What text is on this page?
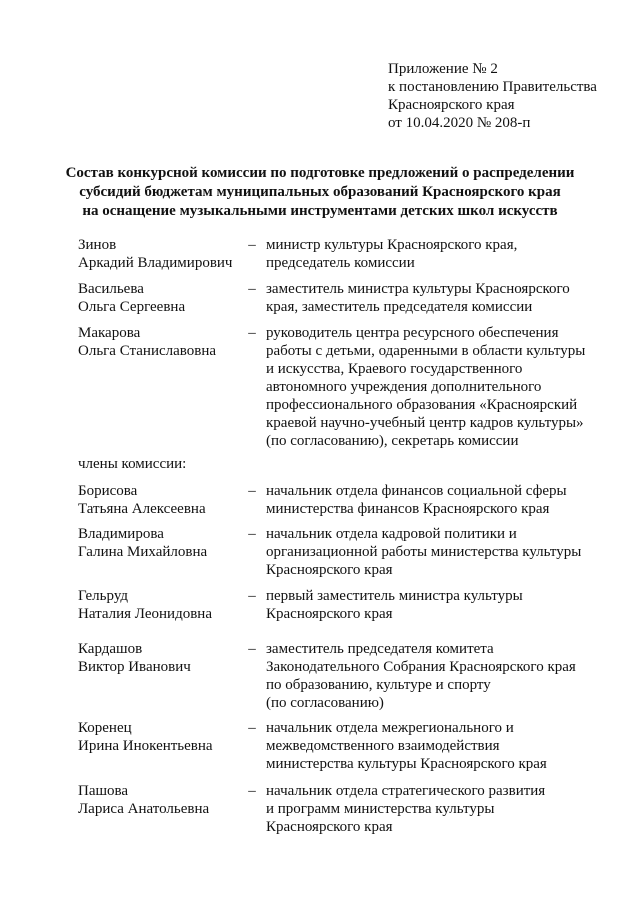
Приложение № 2
к постановлению Правительства
Красноярского края
от 10.04.2020 № 208-п
Состав конкурсной комиссии по подготовке предложений о распределении
субсидий бюджетам муниципальных образований Красноярского края
на оснащение музыкальными инструментами детских школ искусств
Зинов
Аркадий Владимирович
– министр культуры Красноярского края,
председатель комиссии
Васильева
Ольга Сергеевна
– заместитель министра культуры Красноярского
края, заместитель председателя комиссии
Макарова
Ольга Станиславовна
– руководитель центра ресурсного обеспечения
работы с детьми, одаренными в области культуры
и искусства, Краевого государственного
автономного учреждения дополнительного
профессионального образования «Красноярский
краевой научно-учебный центр кадров культуры»
(по согласованию), секретарь комиссии
члены комиссии:
Борисова
Татьяна Алексеевна
– начальник отдела финансов социальной сферы
министерства финансов Красноярского края
Владимирова
Галина Михайловна
– начальник отдела кадровой политики и
организационной работы министерства культуры
Красноярского края
Гельруд
Наталия Леонидовна
– первый заместитель министра культуры
Красноярского края
Кардашов
Виктор Иванович
– заместитель председателя комитета
Законодательного Собрания Красноярского края
по образованию, культуре и спорту
(по согласованию)
Коренец
Ирина Инокентьевна
– начальник отдела межрегионального и
межведомственного взаимодействия
министерства культуры Красноярского края
Пашова
Лариса Анатольевна
– начальник отдела стратегического развития
и программ министерства культуры
Красноярского края
